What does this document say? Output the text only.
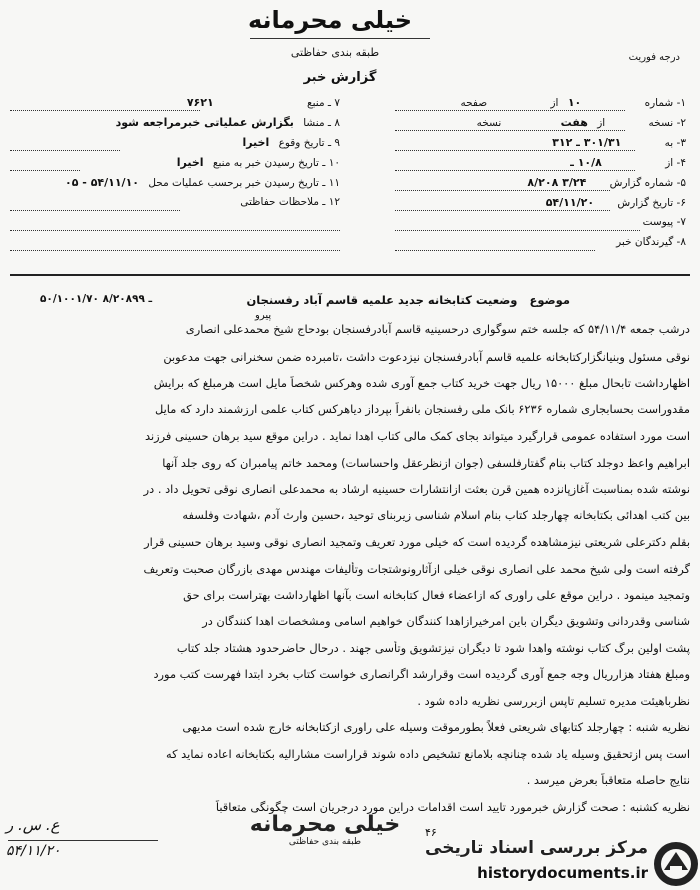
خیلی محرمانه
طبقه بندی حفاظتی
گزارش خبر
درجه فوریت
۱- شماره ۱۰ از صفحه
۲- نسخه از هفت نسخه
۳- به ۳۰۱/۳۱ ـ ۳۱۲
۴- از ۱۰/۸ ـ
۵- شماره گزارش ۳/۲۴ ۸/۲۰۸
۶- تاریخ گزارش ۵۴/۱۱/۲۰
۷- پیوست
۸- گیرندگان خبر
۷ ـ منبع ۷۶۲۱
۸ ـ منشا بگزارش عملیاتی خبرمراجعه شود
۹ ـ تاریخ وقوع اخیرا
۱۰ ـ تاریخ رسیدن خبر به منبع اخیرا
۱۱ ـ تاریخ رسیدن خبر برحسب عملیات محل ۵۴/۱۱/۱۰ - ۰۵
۱۲ ـ ملاحظات حفاظتی
موضوع   وضعیت کتابخانه جدید علمیه قاسم آباد رفسنجان
۵۰/۱۰۰۱/۷۰ ـ ۸/۲۰۸۹۹
پیرو
درشب جمعه ۵۴/۱۱/۴ که جلسه ختم سوگواری درحسینیه قاسم آبادرفسنجان بودحاج شیخ محمدعلی انصاری
نوقی مسئول وبنیانگزارکتابخانه علمیه قاسم آبادرفسنجان نیزدعوت داشت ،تامبرده ضمن سخنرانی جهت مدعوبن
اظهارداشت تابحال مبلغ ۱۵۰۰۰ ریال جهت خرید کتاب جمع آوری شده وهرکس شخصاً مایل است هرمبلغ که برایش
مقدوراست بحسابجاری شماره ۶۲۳۶ بانک ملی رفسنجان بانفراً بپرداز دیاهرکس کتاب علمی ارزشمند دارد که مایل
است مورد استفاده عمومی قرارگیرد میتواند بجای کمک مالی کتاب اهدا نماید . دراین موقع سید برهان حسینی فرزند
ابراهیم واعظ دوجلد کتاب بنام گفتارفلسفی (جوان ازنظرعقل واحساسات) ومحمد خاتم پیامبران که روی جلد آنها
نوشته شده بمناسبت آغازپانزده همین قرن بعثت ازانتشارات حسینیه ارشاد به محمدعلی انصاری نوقی تحویل داد . در
بین کتب اهدائی بکتابخانه چهارجلد کتاب بنام اسلام شناسی زیربنای توحید ،حسین وارث آدم ،شهادت وفلسفه
بقلم دکترعلی شریعتی نیزمشاهده گردیده است که خیلی مورد تعریف وتمجید انصاری نوقی وسید برهان حسینی قرار
گرفته است ولی شیخ محمد علی انصاری نوقی خیلی ازآثارونوشتجات وتألیفات مهندس مهدی بازرگان صحبت وتعریف
وتمجید مینمود . دراین موقع علی راوری که ازاعضاء فعال کتابخانه است بآنها اظهارداشت بهتراست برای حق
شناسی وقدردانی وتشویق دیگران باین امرخیرازاهدا کنندگان خواهیم اسامی ومشخصات اهدا کنندگان در
پشت اولین برگ کتاب نوشته واهدا شود تا دیگران نیزتشویق وتأسی جهند . درحال حاضرحدود هشتاد جلد کتاب
ومبلغ هفتاد هزارریال وجه جمع آوری گردیده است وقرارشد اگرانصاری خواست کتاب بخرد ابتدا فهرست کتب مورد
نظرباهیئت مدیره تسلیم تاپس ازبررسی نظریه داده شود .
نظریه شنبه : چهارجلد کتابهای شریعتی فعلاً بطورموقت وسیله علی راوری ازکتابخانه خارج شده است مدیهی
است پس ازتحقیق وسیله یاد شده چنانچه بلامانع تشخیص داده شوند قراراست مشارالیه بکتابخانه اعاده نماید که
نتایج حاصله متعاقباً بعرض میرسد .
نظریه کشنبه : صحت گزارش خبرمورد تایید است اقدامات دراین مورد درجریان است چگونگی متعاقباً
ع. س. ر
۵۴/۱۱/۲۰
خیلی محرمانه
طبقه بندی حفاظتی
۴۶
مرکز بررسی اسناد تاریخی
historydocuments.ir
